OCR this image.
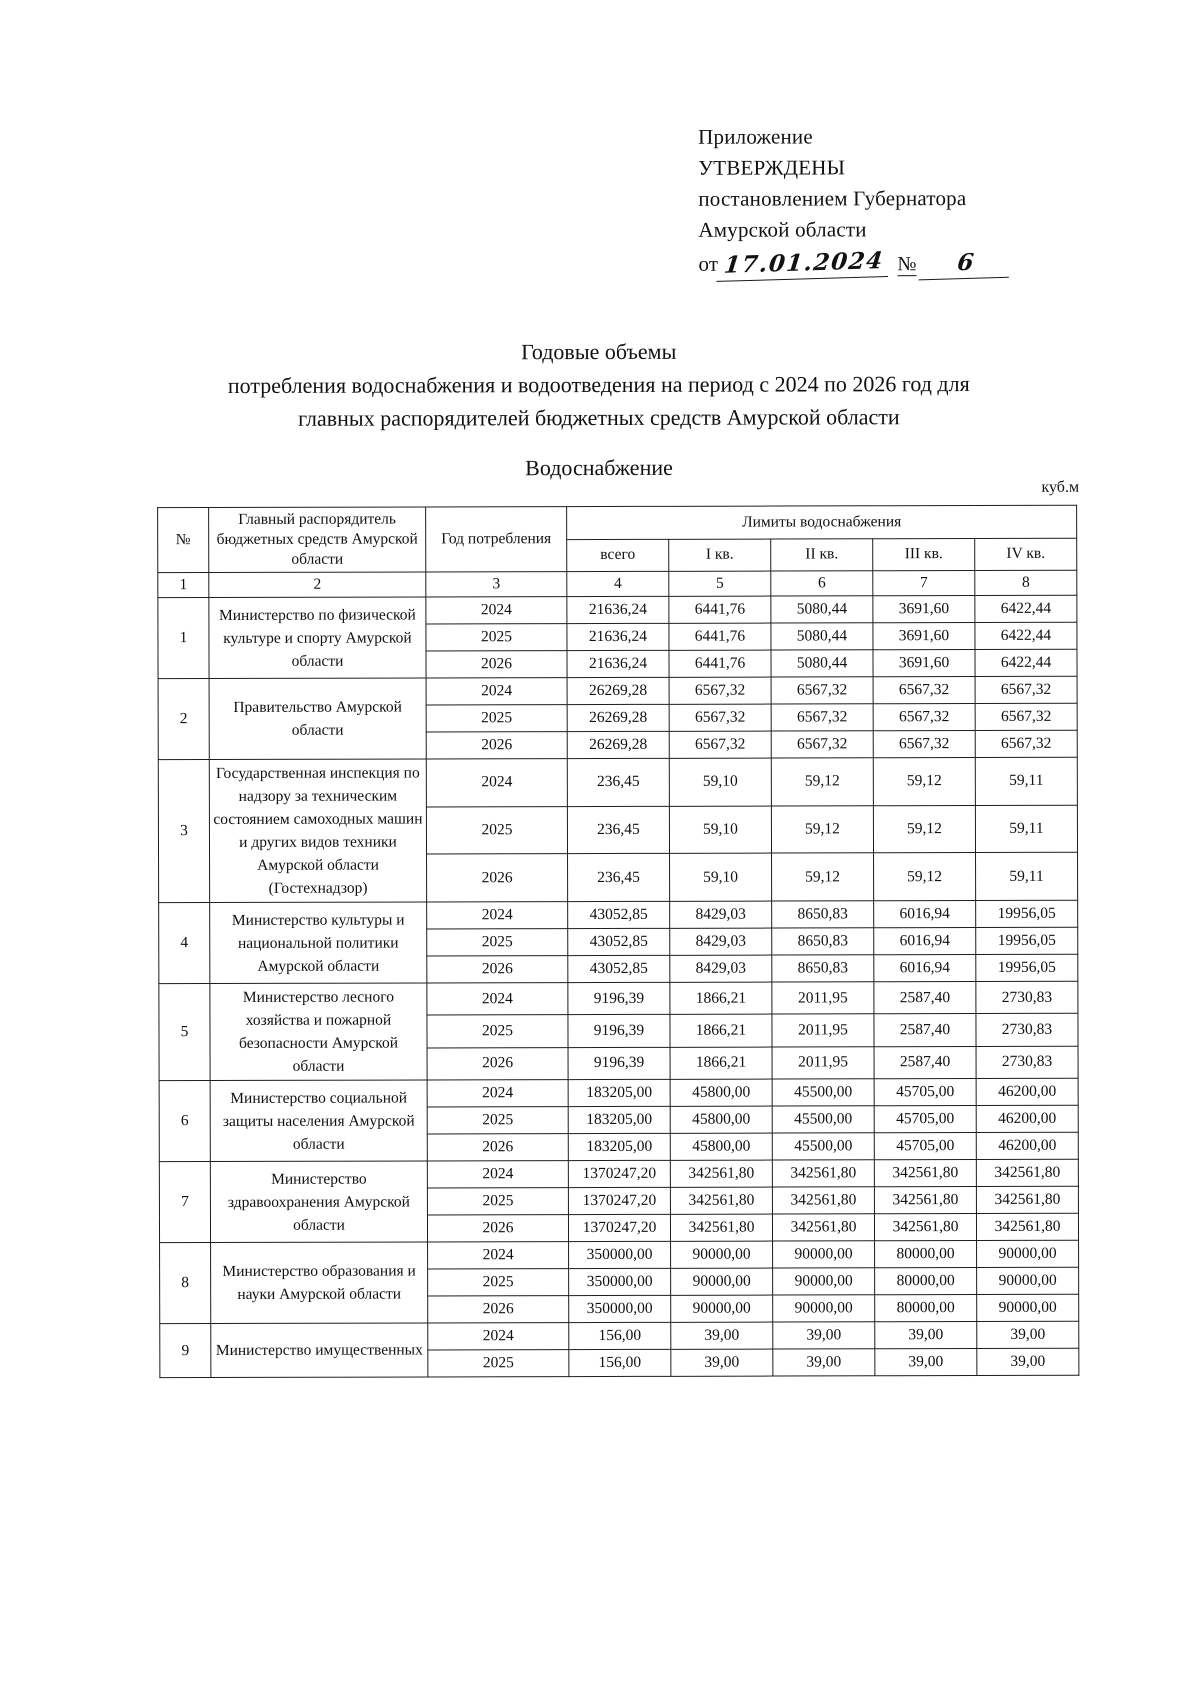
Приложение
УТВЕРЖДЕНЫ
постановлением Губернатора
Амурской области
от 17.01.2024 №	6
Годовые объемы
потребления водоснабжения и водоотведения на период с 2024 по 2026 год для
главных распорядителей бюджетных средств Амурской области
Водоснабжение
куб.м
№	Главный распорядитель бюджетных средств Амурской области	Год потребления	Лимиты водоснабжения				
			всего	I кв.	II кв.	III кв.	IV кв.
1	2	3	4	5	6	7	8
1	Министерство по физической культуре и спорту Амурской области	2024	21636,24	6441,76	5080,44	3691,60	6422,44
		2025	21636,24	6441,76	5080,44	3691,60	6422,44
		2026	21636,24	6441,76	5080,44	3691,60	6422,44
2	Правительство Амурской области	2024	26269,28	6567,32	6567,32	6567,32	6567,32
		2025	26269,28	6567,32	6567,32	6567,32	6567,32
		2026	26269,28	6567,32	6567,32	6567,32	6567,32
3	Государственная инспекция по надзору за техническим состоянием самоходных машин и других видов техники Амурской области (Гостехнадзор)	2024	236,45	59,10	59,12	59,12	59,11
		2025	236,45	59,10	59,12	59,12	59,11
		2026	236,45	59,10	59,12	59,12	59,11
4	Министерство культуры и национальной политики Амурской области	2024	43052,85	8429,03	8650,83	6016,94	19956,05
		2025	43052,85	8429,03	8650,83	6016,94	19956,05
		2026	43052,85	8429,03	8650,83	6016,94	19956,05
5	Министерство лесного хозяйства и пожарной безопасности Амурской области	2024	9196,39	1866,21	2011,95	2587,40	2730,83
		2025	9196,39	1866,21	2011,95	2587,40	2730,83
		2026	9196,39	1866,21	2011,95	2587,40	2730,83
6	Министерство социальной защиты населения Амурской области	2024	183205,00	45800,00	45500,00	45705,00	46200,00
		2025	183205,00	45800,00	45500,00	45705,00	46200,00
		2026	183205,00	45800,00	45500,00	45705,00	46200,00
7	Министерство здравоохранения Амурской области	2024	1370247,20	342561,80	342561,80	342561,80	342561,80
		2025	1370247,20	342561,80	342561,80	342561,80	342561,80
		2026	1370247,20	342561,80	342561,80	342561,80	342561,80
8	Министерство образования и науки Амурской области	2024	350000,00	90000,00	90000,00	80000,00	90000,00
		2025	350000,00	90000,00	90000,00	80000,00	90000,00
		2026	350000,00	90000,00	90000,00	80000,00	90000,00
9	Министерство имущественных	2024	156,00	39,00	39,00	39,00	39,00
		2025	156,00	39,00	39,00	39,00	39,00
